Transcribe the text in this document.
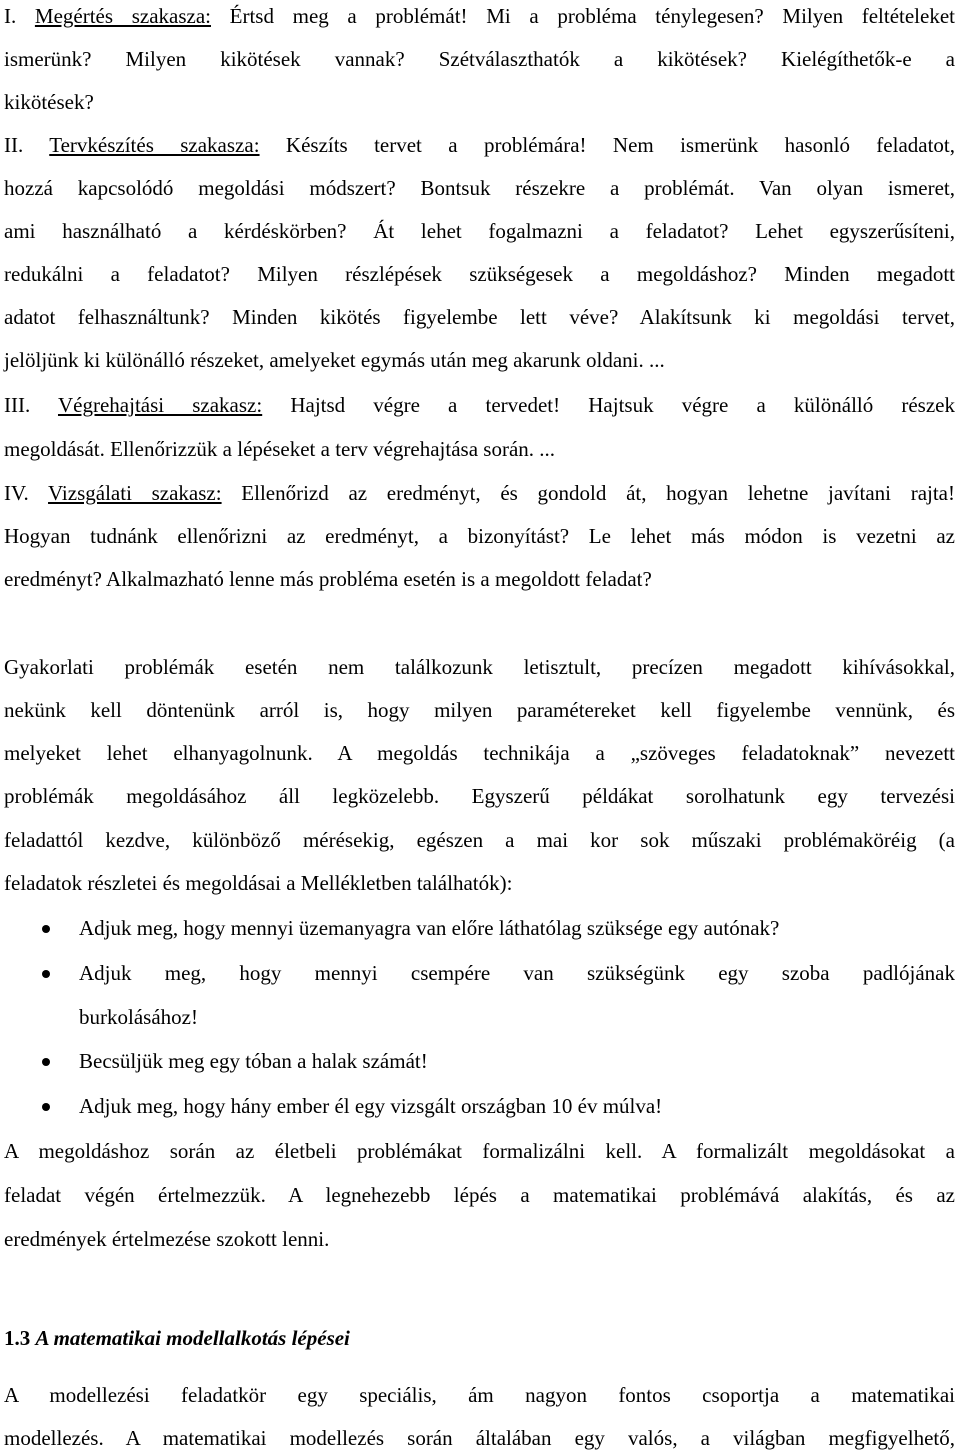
I. Megértés szakasza: Értsd meg a problémát! Mi a probléma ténylegesen? Milyen feltételeket
ismerünk? Milyen kikötések vannak? Szétválaszthatók a kikötések? Kielégíthetők-e a
kikötések?
II. Tervkészítés szakasza: Készíts tervet a problémára! Nem ismerünk hasonló feladatot,
hozzá kapcsolódó megoldási módszert? Bontsuk részekre a problémát. Van olyan ismeret,
ami használható a kérdéskörben? Át lehet fogalmazni a feladatot? Lehet egyszerűsíteni,
redukálni a feladatot? Milyen részlépések szükségesek a megoldáshoz? Minden megadott
adatot felhasználtunk? Minden kikötés figyelembe lett véve? Alakítsunk ki megoldási tervet,
jelöljünk ki különálló részeket, amelyeket egymás után meg akarunk oldani. ...
III. Végrehajtási szakasz: Hajtsd végre a tervedet! Hajtsuk végre a különálló részek
megoldását. Ellenőrizzük a lépéseket a terv végrehajtása során. ...
IV. Vizsgálati szakasz: Ellenőrizd az eredményt, és gondold át, hogyan lehetne javítani rajta!
Hogyan tudnánk ellenőrizni az eredményt, a bizonyítást? Le lehet más módon is vezetni az
eredményt? Alkalmazható lenne más probléma esetén is a megoldott feladat?
Gyakorlati problémák esetén nem találkozunk letisztult, precízen megadott kihívásokkal,
nekünk kell döntenünk arról is, hogy milyen paramétereket kell figyelembe vennünk, és
melyeket lehet elhanyagolnunk. A megoldás technikája a „szöveges feladatoknak” nevezett
problémák megoldásához áll legközelebb. Egyszerű példákat sorolhatunk egy tervezési
feladattól kezdve, különböző mérésekig, egészen a mai kor sok műszaki problémaköréig (a
feladatok részletei és megoldásai a Mellékletben találhatók):
Adjuk meg, hogy mennyi üzemanyagra van előre láthatólag szüksége egy autónak?
Adjuk meg, hogy mennyi csempére van szükségünk egy szoba padlójának
burkolásához!
Becsüljük meg egy tóban a halak számát!
Adjuk meg, hogy hány ember él egy vizsgált országban 10 év múlva!
A megoldáshoz során az életbeli problémákat formalizálni kell. A formalizált megoldásokat a
feladat végén értelmezzük. A legnehezebb lépés a matematikai problémává alakítás, és az
eredmények értelmezése szokott lenni.
1.3 A matematikai modellalkotás lépései
A modellezési feladatkör egy speciális, ám nagyon fontos csoportja a matematikai
modellezés. A matematikai modellezés során általában egy valós, a világban megfigyelhető,
